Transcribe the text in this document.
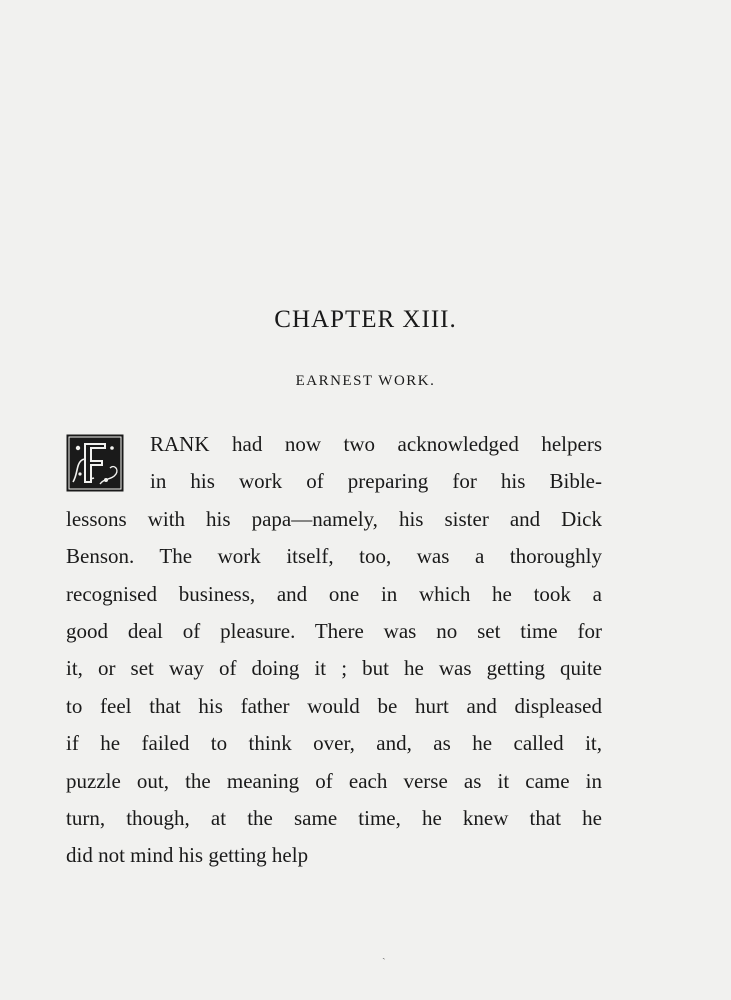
CHAPTER XIII.
EARNEST WORK.
F	RANK had now two acknowledged helpers
in his work of preparing for his Bible-
lessons with his papa—namely, his sister and Dick
Benson. The work itself, too, was a thoroughly
recognised business, and one in which he took a
good deal of pleasure. There was no set time for
it, or set way of doing it ; but he was getting quite
to feel that his father would be hurt and displeased
if he failed to think over, and, as he called it,
puzzle out, the meaning of each verse as it came in
turn, though, at the same time, he knew that he
did not mind his getting help
ˏ
